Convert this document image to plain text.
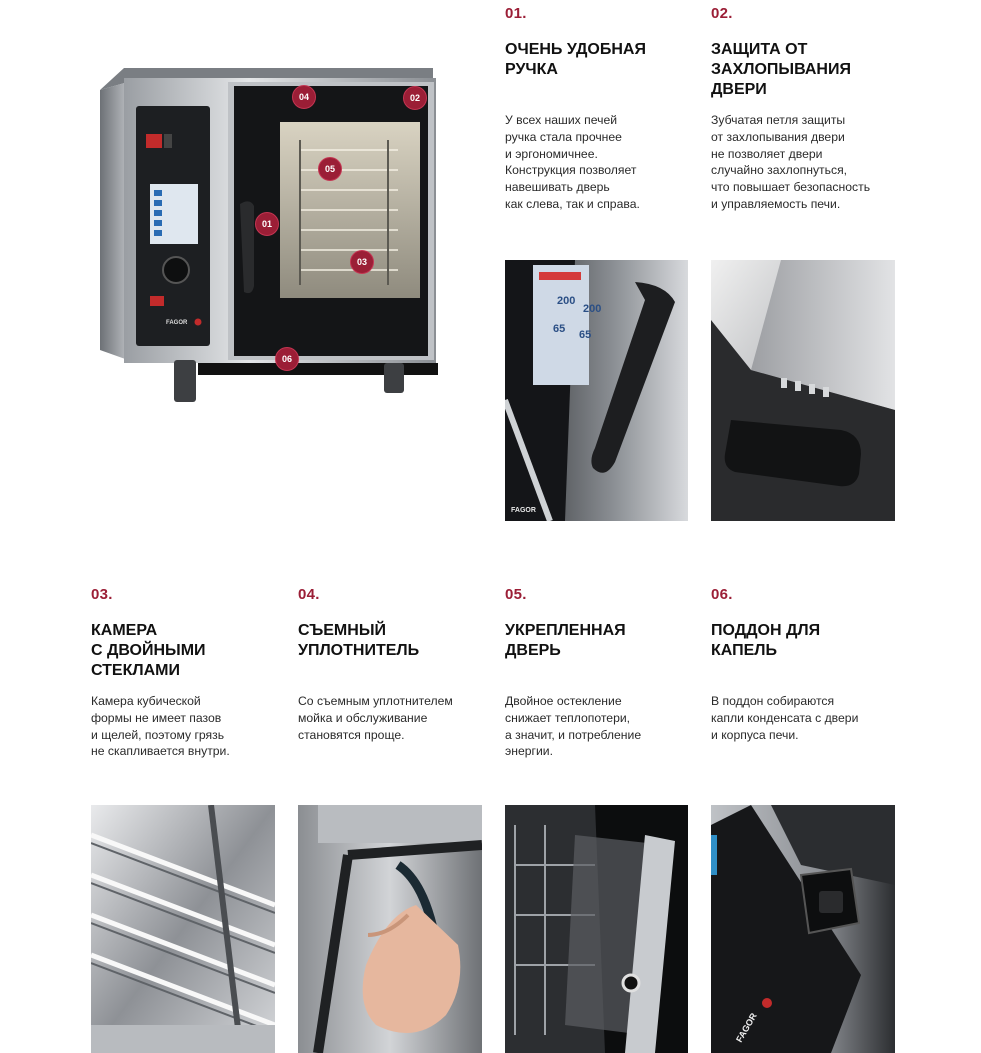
FAGOR
04	02
05
01
03
06
01.
ОЧЕНЬ УДОБНАЯ
РУЧКА
У всех наших печей
ручка стала прочнее
и эргономичнее.
Конструкция позволяет
навешивать дверь
как слева, так и справа.
02.
ЗАЩИТА ОТ
ЗАХЛОПЫВАНИЯ
ДВЕРИ
Зубчатая петля защиты
от захлопывания двери
не позволяет двери
случайно захлопнуться,
что повышает безопасность
и управляемость печи.
200
200
65 65
FAGOR
03.
КАМЕРА
С ДВОЙНЫМИ
СТЕКЛАМИ
Камера кубической
формы не имеет пазов
и щелей, поэтому грязь
не скапливается внутри.
04.
СЪЕМНЫЙ
УПЛОТНИТЕЛЬ
Со съемным уплотнителем
мойка и обслуживание
становятся проще.
05.
УКРЕПЛЕННАЯ
ДВЕРЬ
Двойное остекление
снижает теплопотери,
а значит, и потребление
энергии.
06.
ПОДДОН ДЛЯ
КАПЕЛЬ
В поддон собираются
капли конденсата с двери
и корпуса печи.
FAGOR
